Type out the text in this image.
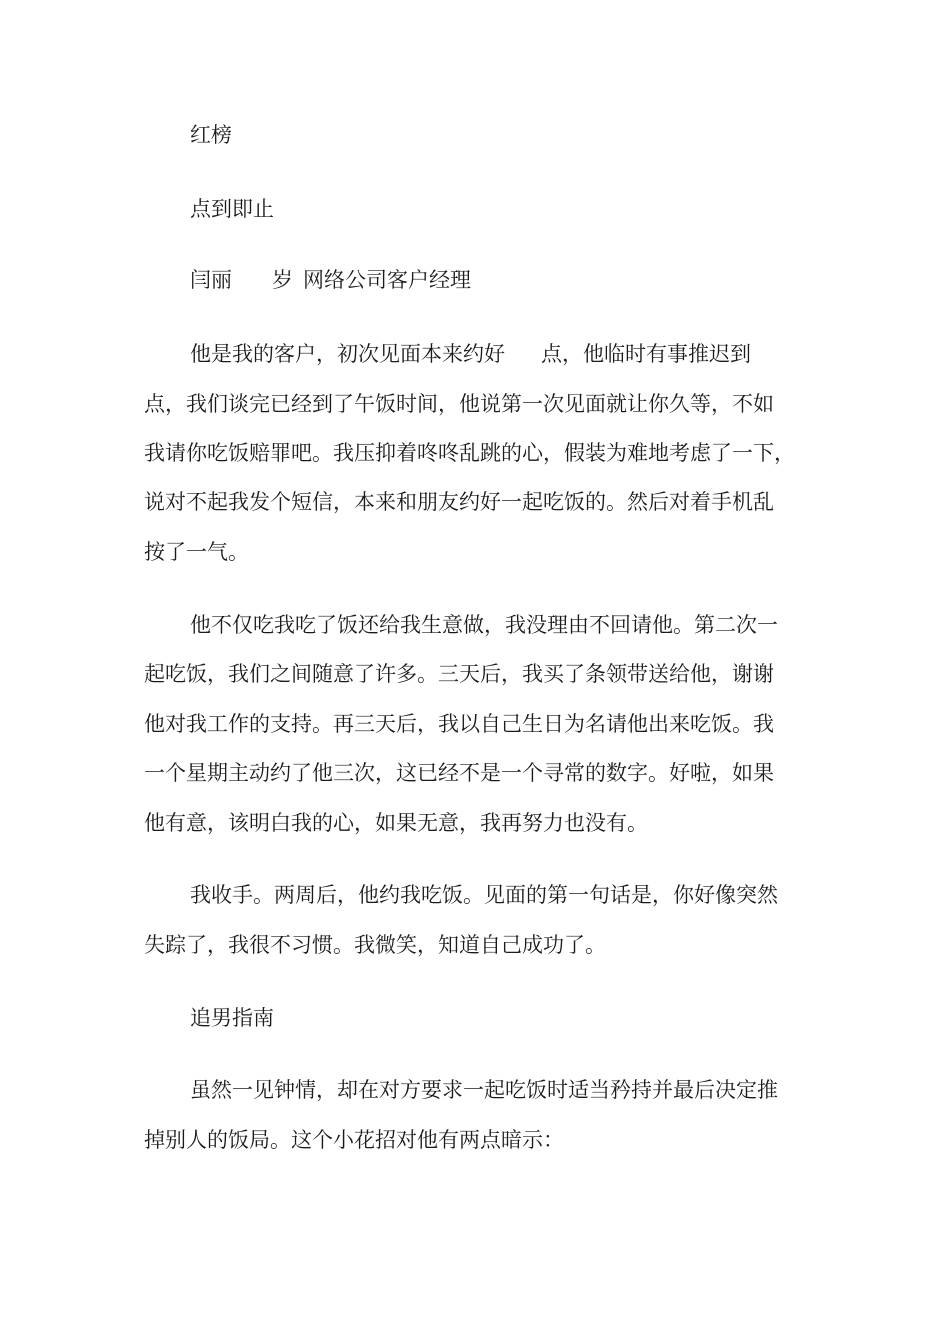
红榜
点到即止
闫丽 岁 网络公司客户经理
他是我的客户，初次见面本来约好 点，他临时有事推迟到
点，我们谈完已经到了午饭时间，他说第一次见面就让你久等，不如
我请你吃饭赔罪吧。我压抑着咚咚乱跳的心，假装为难地考虑了一下，
说对不起我发个短信，本来和朋友约好一起吃饭的。然后对着手机乱
按了一气。
他不仅吃我吃了饭还给我生意做，我没理由不回请他。第二次一
起吃饭，我们之间随意了许多。三天后，我买了条领带送给他，谢谢
他对我工作的支持。再三天后，我以自己生日为名请他出来吃饭。我
一个星期主动约了他三次，这已经不是一个寻常的数字。好啦，如果
他有意，该明白我的心，如果无意，我再努力也没有。
我收手。两周后，他约我吃饭。见面的第一句话是，你好像突然
失踪了，我很不习惯。我微笑，知道自己成功了。
追男指南
虽然一见钟情，却在对方要求一起吃饭时适当矜持并最后决定推
掉别人的饭局。这个小花招对他有两点暗示：
